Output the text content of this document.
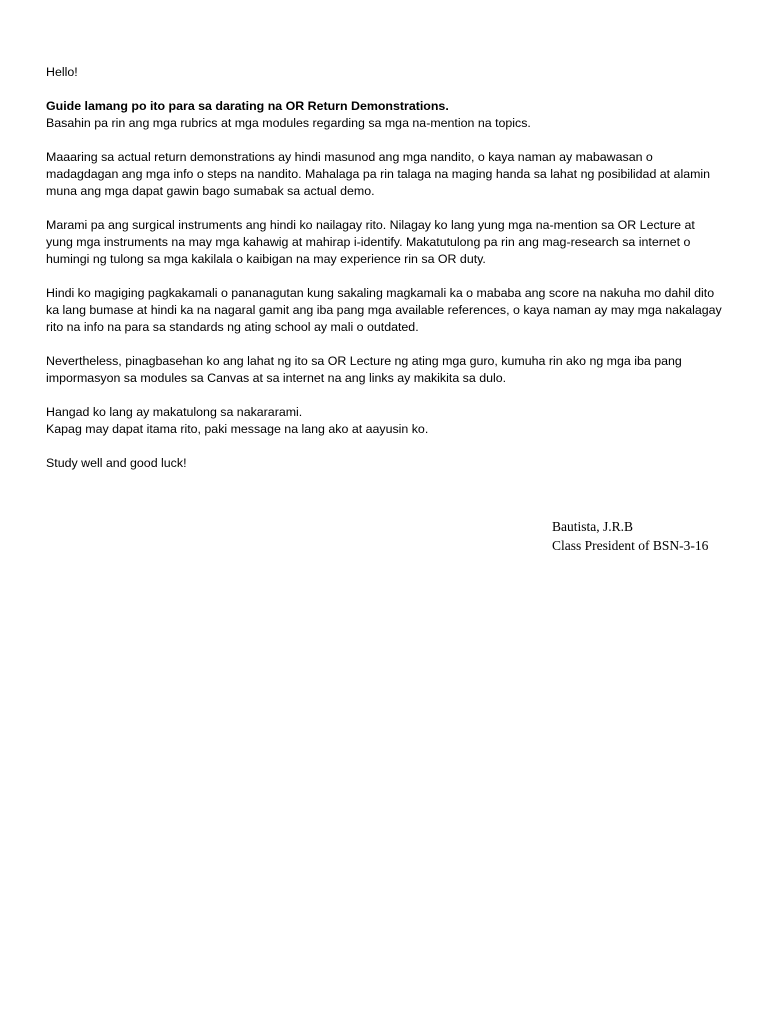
Hello!

Guide lamang po ito para sa darating na OR Return Demonstrations.
Basahin pa rin ang mga rubrics at mga modules regarding sa mga na-mention na topics.

Maaaring sa actual return demonstrations ay hindi masunod ang mga nandito, o kaya naman ay mabawasan o
madagdagan ang mga info o steps na nandito. Mahalaga pa rin talaga na maging handa sa lahat ng posibilidad at alamin
muna ang mga dapat gawin bago sumabak sa actual demo.

Marami pa ang surgical instruments ang hindi ko nailagay rito. Nilagay ko lang yung mga na-mention sa OR Lecture at
yung mga instruments na may mga kahawig at mahirap i-identify. Makatutulong pa rin ang mag-research sa internet o
humingi ng tulong sa mga kakilala o kaibigan na may experience rin sa OR duty.

Hindi ko magiging pagkakamali o pananagutan kung sakaling magkamali ka o mababa ang score na nakuha mo dahil dito
ka lang bumase at hindi ka na nagaral gamit ang iba pang mga available references, o kaya naman ay may mga nakalagay
rito na info na para sa standards ng ating school ay mali o outdated.

Nevertheless, pinagbasehan ko ang lahat ng ito sa OR Lecture ng ating mga guro, kumuha rin ako ng mga iba pang
impormasyon sa modules sa Canvas at sa internet na ang links ay makikita sa dulo.

Hangad ko lang ay makatulong sa nakararami.
Kapag may dapat itama rito, paki message na lang ako at aayusin ko.

Study well and good luck!

Bautista, J.R.B
Class President of BSN-3-16
